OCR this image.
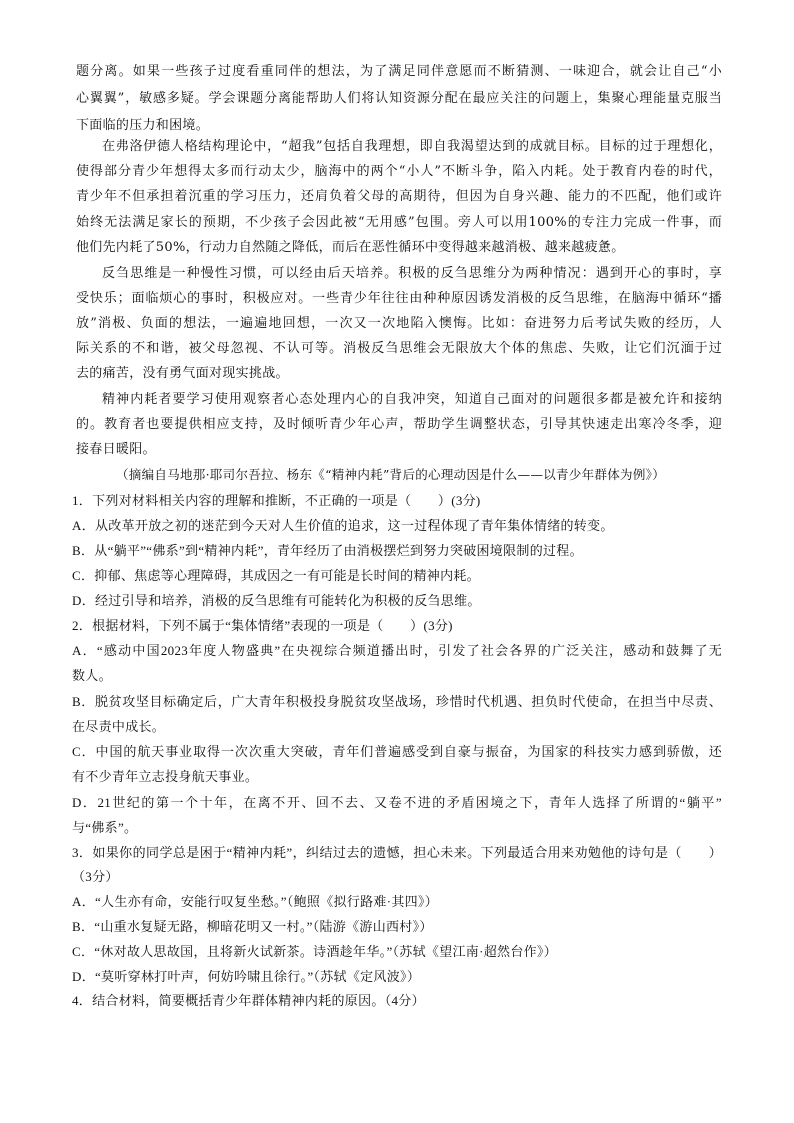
题分离。如果一些孩子过度看重同伴的想法，为了满足同伴意愿而不断猜测、一味迎合，就会让自己“小
心翼翼”，敏感多疑。学会课题分离能帮助人们将认知资源分配在最应关注的问题上，集聚心理能量克服当
下面临的压力和困境。
在弗洛伊德人格结构理论中，“超我”包括自我理想，即自我渴望达到的成就目标。目标的过于理想化，
使得部分青少年想得太多而行动太少，脑海中的两个“小人”不断斗争，陷入内耗。处于教育内卷的时代，
青少年不但承担着沉重的学习压力，还肩负着父母的高期待，但因为自身兴趣、能力的不匹配，他们或许
始终无法满足家长的预期，不少孩子会因此被“无用感”包围。旁人可以用100%的专注力完成一件事，而
他们先内耗了50%，行动力自然随之降低，而后在恶性循环中变得越来越消极、越来越疲惫。
反刍思维是一种慢性习惯，可以经由后天培养。积极的反刍思维分为两种情况：遇到开心的事时，享
受快乐；面临烦心的事时，积极应对。一些青少年往往由种种原因诱发消极的反刍思维，在脑海中循环“播
放”消极、负面的想法，一遍遍地回想，一次又一次地陷入懊悔。比如：奋进努力后考试失败的经历，人
际关系的不和谐，被父母忽视、不认可等。消极反刍思维会无限放大个体的焦虑、失败，让它们沉湎于过
去的痛苦，没有勇气面对现实挑战。
精神内耗者要学习使用观察者心态处理内心的自我冲突，知道自己面对的问题很多都是被允许和接纳
的。教育者也要提供相应支持，及时倾听青少年心声，帮助学生调整状态，引导其快速走出寒冷冬季，迎
接春日暖阳。
（摘编自马地那·耶司尔吾拉、杨东《“精神内耗”背后的心理动因是什么——以青少年群体为例》）
1．下列对材料相关内容的理解和推断，不正确的一项是（　　）(3分)
A．从改革开放之初的迷茫到今天对人生价值的追求，这一过程体现了青年集体情绪的转变。
B．从“躺平”“佛系”到“精神内耗”，青年经历了由消极摆烂到努力突破困境限制的过程。
C．抑郁、焦虑等心理障碍，其成因之一有可能是长时间的精神内耗。
D．经过引导和培养，消极的反刍思维有可能转化为积极的反刍思维。
2．根据材料，下列不属于“集体情绪”表现的一项是（　　）(3分)
A．“感动中国2023年度人物盛典”在央视综合频道播出时，引发了社会各界的广泛关注，感动和鼓舞了无
数人。
B．脱贫攻坚目标确定后，广大青年积极投身脱贫攻坚战场，珍惜时代机遇、担负时代使命，在担当中尽责、
在尽责中成长。
C．中国的航天事业取得一次次重大突破，青年们普遍感受到自豪与振奋，为国家的科技实力感到骄傲，还
有不少青年立志投身航天事业。
D．21世纪的第一个十年，在离不开、回不去、又卷不进的矛盾困境之下，青年人选择了所谓的“躺平”
与“佛系”。
3．如果你的同学总是困于“精神内耗”，纠结过去的遗憾，担心未来。下列最适合用来劝勉他的诗句是（　　）
（3分）
A．“人生亦有命，安能行叹复坐愁。”（鲍照《拟行路难·其四》）
B．“山重水复疑无路，柳暗花明又一村。”（陆游《游山西村》）
C．“休对故人思故国，且将新火试新茶。诗酒趁年华。”（苏轼《望江南·超然台作》）
D．“莫听穿林打叶声，何妨吟啸且徐行。”（苏轼《定风波》）
4．结合材料，简要概括青少年群体精神内耗的原因。（4分）
